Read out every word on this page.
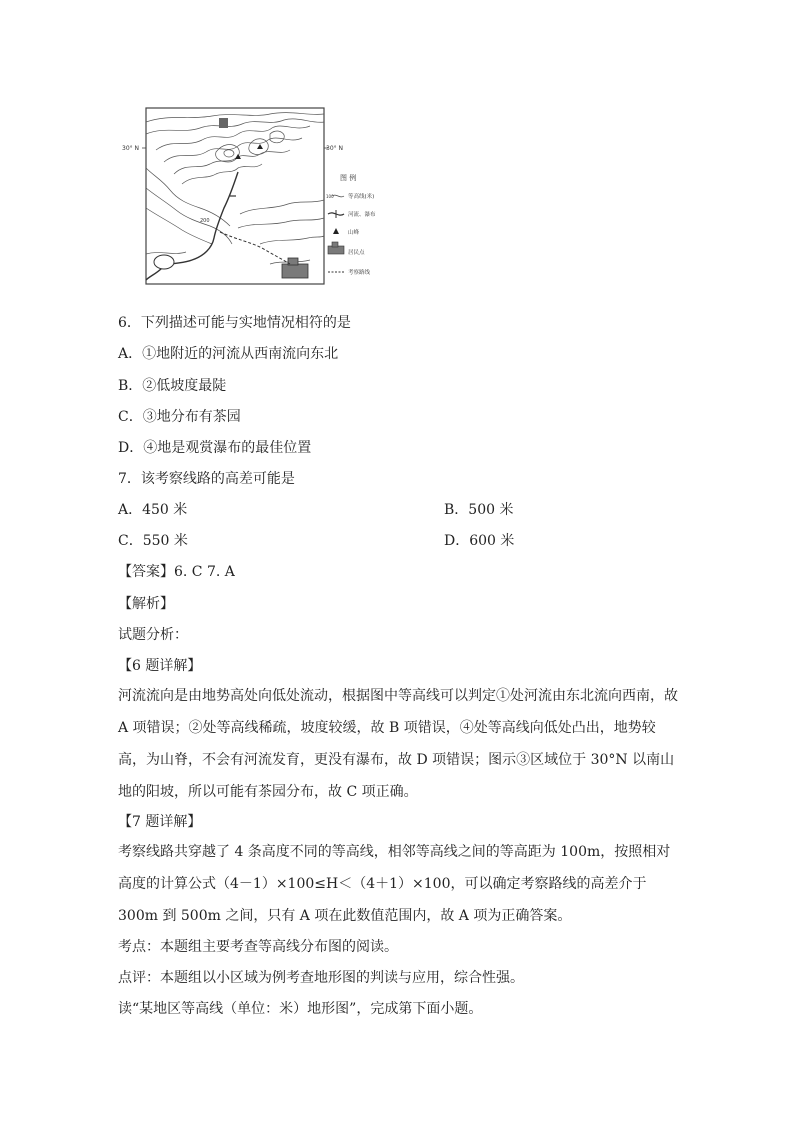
30° N	30° N
200
图 例
100	等高线(米)
河流、瀑布
山峰
居民点
考察路线
6．下列描述可能与实地情况相符的是
A．①地附近的河流从西南流向东北
B．②低坡度最陡
C．③地分布有茶园
D．④地是观赏瀑布的最佳位置
7．该考察线路的高差可能是
A．450 米	B．500 米
C．550 米	D．600 米
【答案】6. C 7. A
【解析】
试题分析：
【6 题详解】
河流流向是由地势高处向低处流动，根据图中等高线可以判定①处河流由东北流向西南，故 A 项错误；②处等高线稀疏，坡度较缓，故 B 项错误，④处等高线向低处凸出，地势较高，为山脊，不会有河流发育，更没有瀑布，故 D 项错误；图示③区域位于 30°N 以南山地的阳坡，所以可能有茶园分布，故 C 项正确。
【7 题详解】
考察线路共穿越了 4 条高度不同的等高线，相邻等高线之间的等高距为 100m，按照相对高度的计算公式（4－1）×100≤H＜（4＋1）×100，可以确定考察路线的高差介于 300m 到 500m 之间，只有 A 项在此数值范围内，故 A 项为正确答案。
考点：本题组主要考查等高线分布图的阅读。
点评：本题组以小区域为例考查地形图的判读与应用，综合性强。
读“某地区等高线（单位：米）地形图”，完成第下面小题。
